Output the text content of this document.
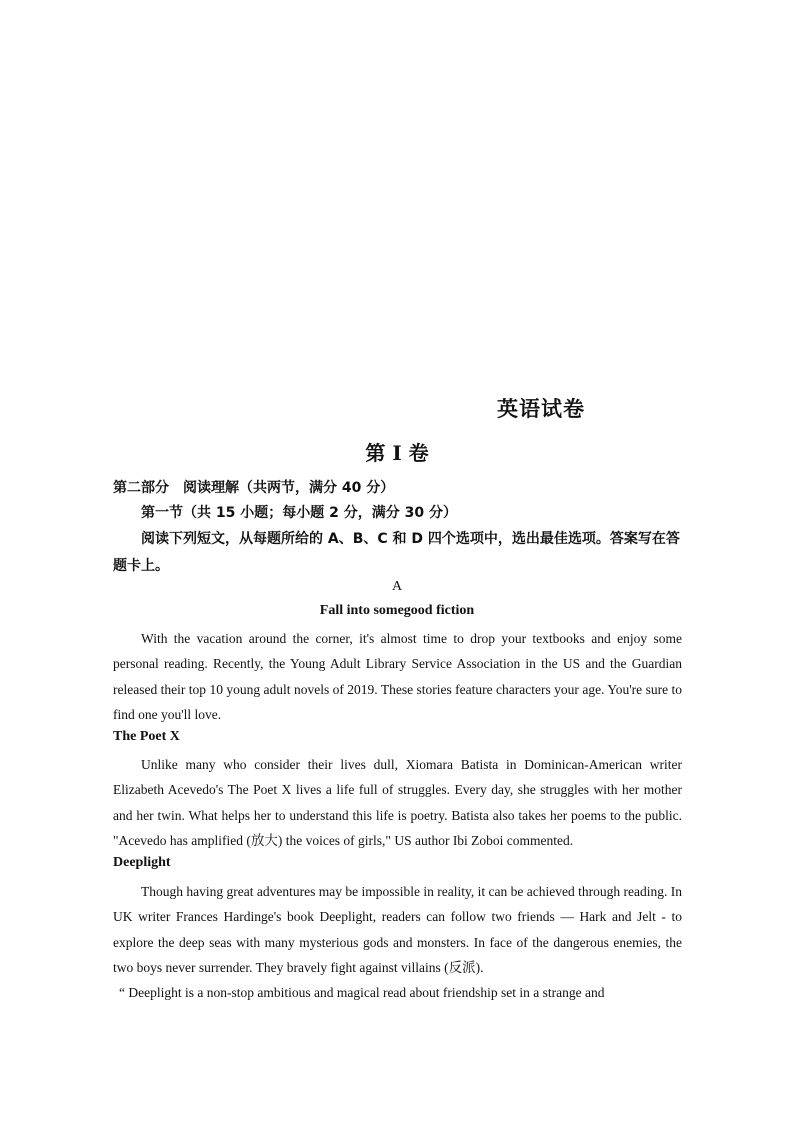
英语试卷
第 I 卷
第二部分　阅读理解（共两节，满分 40 分）
第一节（共 15 小题；每小题 2 分，满分 30 分）
阅读下列短文，从每题所给的 A、B、C 和 D 四个选项中，选出最佳选项。答案写在答题卡上。
A
Fall into somegood fiction

With the vacation around the corner, it's almost time to drop your textbooks and enjoy some personal reading. Recently, the Young Adult Library Service Association in the US and the Guardian released their top 10 young adult novels of 2019. These stories feature characters your age. You're sure to find one you'll love.

The Poet X

Unlike many who consider their lives dull, Xiomara Batista in Dominican-American writer Elizabeth Acevedo's The Poet X lives a life full of struggles. Every day, she struggles with her mother and her twin. What helps her to understand this life is poetry. Batista also takes her poems to the public. "Acevedo has amplified (放大) the voices of girls," US author Ibi Zoboi commented.

Deeplight

Though having great adventures may be impossible in reality, it can be achieved through reading. In UK writer Frances Hardinge's book Deeplight, readers can follow two friends — Hark and Jelt - to explore the deep seas with many mysterious gods and monsters. In face of the dangerous enemies, the two boys never surrender. They bravely fight against villains (反派).

“ Deeplight is a non-stop ambitious and magical read about friendship set in a strange and
